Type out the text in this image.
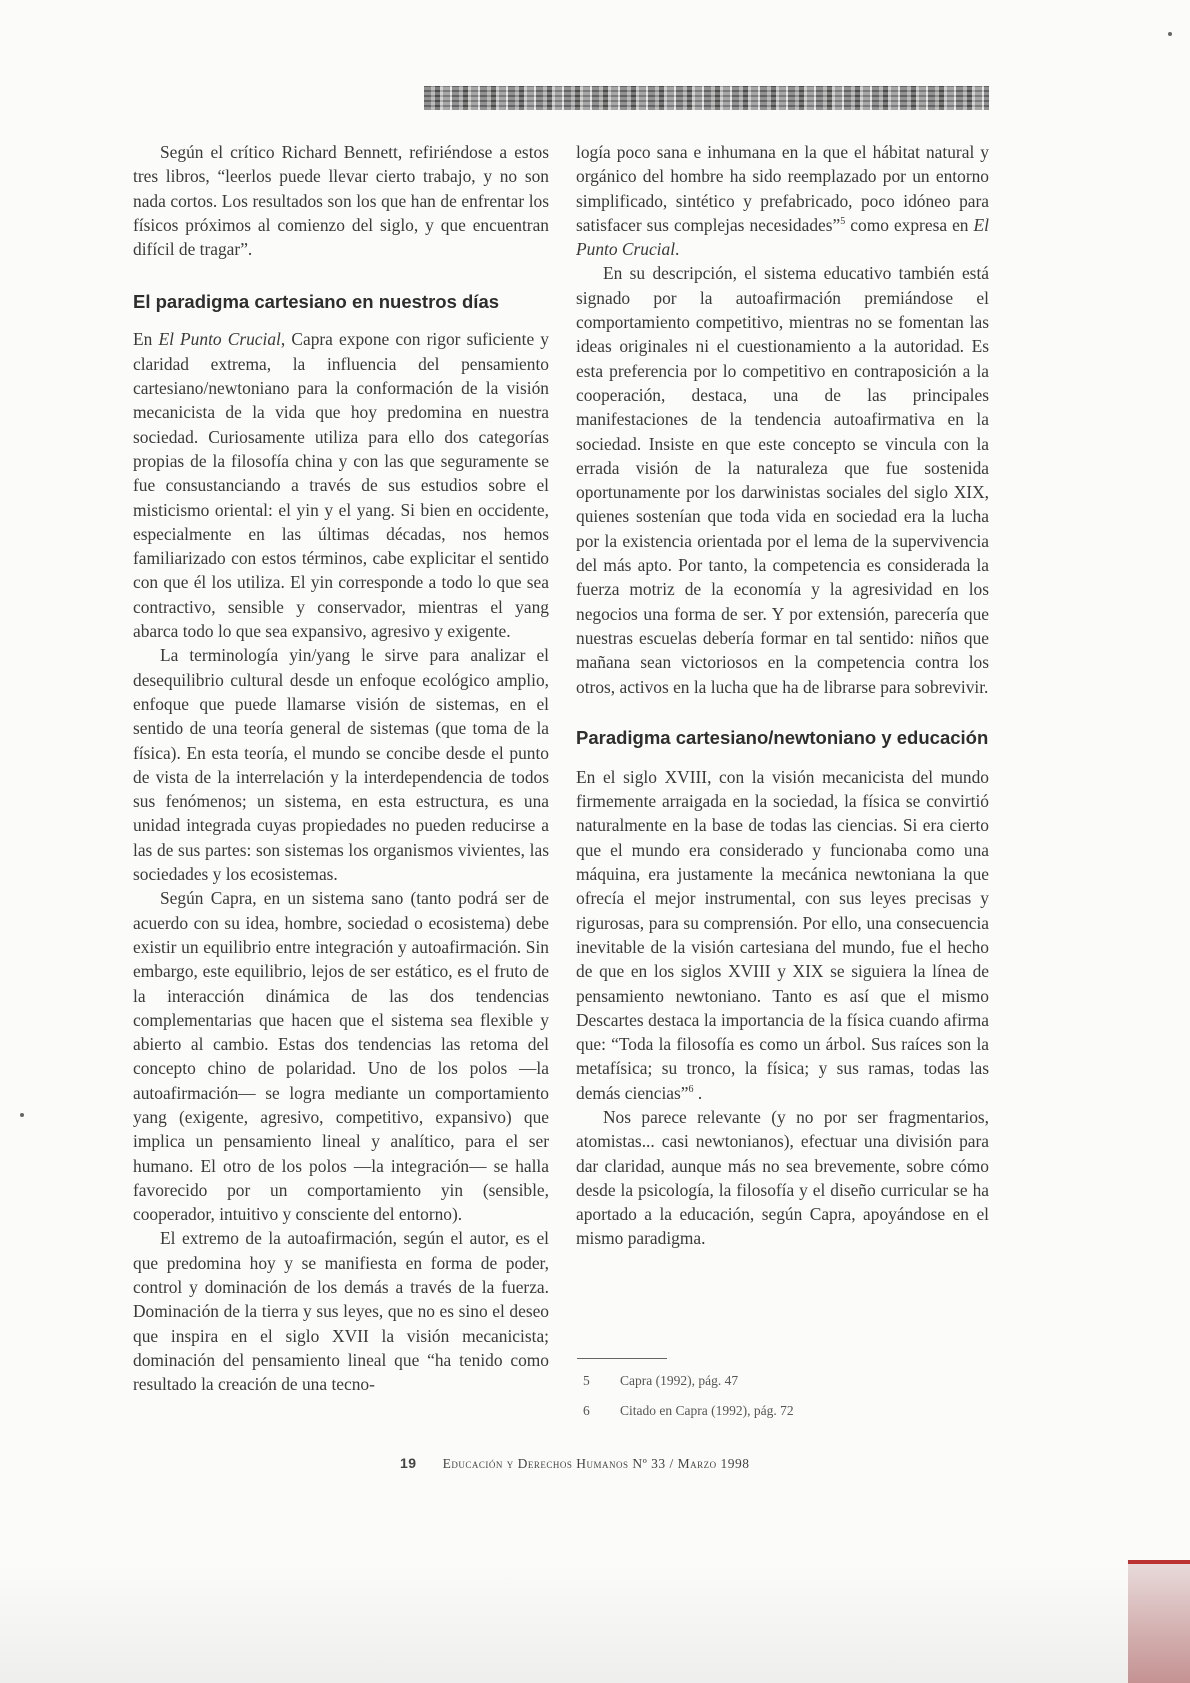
Según el crítico Richard Bennett, refiriéndose a estos tres libros, “leerlos puede llevar cierto trabajo, y no son nada cortos. Los resultados son los que han de enfrentar los físicos próximos al comienzo del siglo, y que encuentran difícil de tragar”.

El paradigma cartesiano en nuestros días

En El Punto Crucial, Capra expone con rigor suficiente y claridad extrema, la influencia del pensamiento cartesiano/newtoniano para la conformación de la visión mecanicista de la vida que hoy predomina en nuestra sociedad. Curiosamente utiliza para ello dos categorías propias de la filosofía china y con las que seguramente se fue consustanciando a través de sus estudios sobre el misticismo oriental: el yin y el yang. Si bien en occidente, especialmente en las últimas décadas, nos hemos familiarizado con estos términos, cabe explicitar el sentido con que él los utiliza. El yin corresponde a todo lo que sea contractivo, sensible y conservador, mientras el yang abarca todo lo que sea expansivo, agresivo y exigente.

La terminología yin/yang le sirve para analizar el desequilibrio cultural desde un enfoque ecológico amplio, enfoque que puede llamarse visión de sistemas, en el sentido de una teoría general de sistemas (que toma de la física). En esta teoría, el mundo se concibe desde el punto de vista de la interrelación y la interdependencia de todos sus fenómenos; un sistema, en esta estructura, es una unidad integrada cuyas propiedades no pueden reducirse a las de sus partes: son sistemas los organismos vivientes, las sociedades y los ecosistemas.

Según Capra, en un sistema sano (tanto podrá ser de acuerdo con su idea, hombre, sociedad o ecosistema) debe existir un equilibrio entre integración y autoafirmación. Sin embargo, este equilibrio, lejos de ser estático, es el fruto de la interacción dinámica de las dos tendencias complementarias que hacen que el sistema sea flexible y abierto al cambio. Estas dos tendencias las retoma del concepto chino de polaridad. Uno de los polos —la autoafirmación— se logra mediante un comportamiento yang (exigente, agresivo, competitivo, expansivo) que implica un pensamiento lineal y analítico, para el ser humano. El otro de los polos —la integración— se halla favorecido por un comportamiento yin (sensible, cooperador, intuitivo y consciente del entorno).

El extremo de la autoafirmación, según el autor, es el que predomina hoy y se manifiesta en forma de poder, control y dominación de los demás a través de la fuerza. Dominación de la tierra y sus leyes, que no es sino el deseo que inspira en el siglo XVII la visión mecanicista; dominación del pensamiento lineal que “ha tenido como resultado la creación de una tecno-

logía poco sana e inhumana en la que el hábitat natural y orgánico del hombre ha sido reemplazado por un entorno simplificado, sintético y prefabricado, poco idóneo para satisfacer sus complejas necesidades”$^5$ como expresa en El Punto Crucial.

En su descripción, el sistema educativo también está signado por la autoafirmación premiándose el comportamiento competitivo, mientras no se fomentan las ideas originales ni el cuestionamiento a la autoridad. Es esta preferencia por lo competitivo en contraposición a la cooperación, destaca, una de las principales manifestaciones de la tendencia autoafirmativa en la sociedad. Insiste en que este concepto se vincula con la errada visión de la naturaleza que fue sostenida oportunamente por los darwinistas sociales del siglo XIX, quienes sostenían que toda vida en sociedad era la lucha por la existencia orientada por el lema de la supervivencia del más apto. Por tanto, la competencia es considerada la fuerza motriz de la economía y la agresividad en los negocios una forma de ser. Y por extensión, parecería que nuestras escuelas debería formar en tal sentido: niños que mañana sean victoriosos en la competencia contra los otros, activos en la lucha que ha de librarse para sobrevivir.

Paradigma cartesiano/newtoniano y educación

En el siglo XVIII, con la visión mecanicista del mundo firmemente arraigada en la sociedad, la física se convirtió naturalmente en la base de todas las ciencias. Si era cierto que el mundo era considerado y funcionaba como una máquina, era justamente la mecánica newtoniana la que ofrecía el mejor instrumental, con sus leyes precisas y rigurosas, para su comprensión. Por ello, una consecuencia inevitable de la visión cartesiana del mundo, fue el hecho de que en los siglos XVIII y XIX se siguiera la línea de pensamiento newtoniano. Tanto es así que el mismo Descartes destaca la importancia de la física cuando afirma que: “Toda la filosofía es como un árbol. Sus raíces son la metafísica; su tronco, la física; y sus ramas, todas las demás ciencias”$^6$ .

Nos parece relevante (y no por ser fragmentarios, atomistas... casi newtonianos), efectuar una división para dar claridad, aunque más no sea brevemente, sobre cómo desde la psicología, la filosofía y el diseño curricular se ha aportado a la educación, según Capra, apoyándose en el mismo paradigma.

5 Capra (1992), pág. 47
6 Citado en Capra (1992), pág. 72
19 Educación y Derechos Humanos Nº 33 / Marzo 1998
